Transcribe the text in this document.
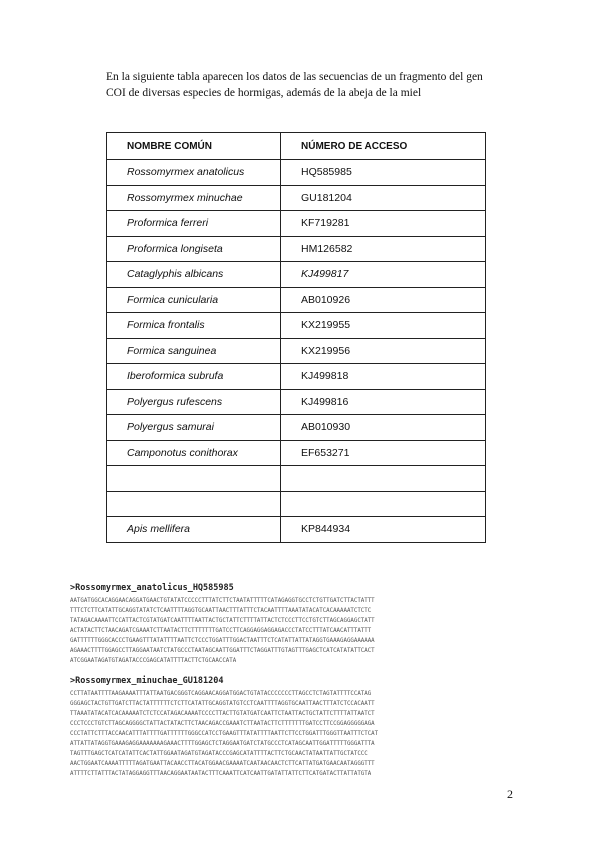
En la siguiente tabla aparecen los datos de las secuencias de un fragmento del gen

COI de diversas especies de hormigas, además de la abeja de la miel

NOMBRE COMÚN	NÚMERO DE ACCESO
Rossomyrmex anatolicus	HQ585985
Rossomyrmex minuchae	GU181204
Proformica ferreri	KF719281
Proformica longiseta	HM126582
Cataglyphis albicans	KJ499817
Formica cunicularia	AB010926
Formica frontalis	KX219955
Formica sanguinea	KX219956
Iberoformica subrufa	KJ499818
Polyergus rufescens	KJ499816
Polyergus samurai	AB010930
Camponotus conithorax	EF653271

Apis mellifera	KP844934
>Rossomyrmex_anatolicus_HQ585985
AATGATGGCACAGGAACAGGATGAACTGTATATCCCCCTTTATCTTCTAATATTTTTCATAGAGGTGCCTCTGTTGATCTTACTATTT
TTTCTCTTCATATTGCAGGTATATCTCAATTTTAGGTGCAATTAACTTTATTTCTACAATTTTAAATATACATCACAAAAATCTCTC
TATAGACAAAATTCCATTACTCGTATGATCAATTTTAATTACTGCTATTCTTTTATTACTCTCCCTTCCTGTCTTAGCAGGAGCTATT
ACTATACTTCTAACAGATCGAAATCTTAATACTTCTTTTTTTGATCCTTCAGGAGGAGGAGACCCTATCCTTTATCAACATTTATTT
GATTTTTTGGGCACCCTGAAGTTTATATTTTAATTCTCCCTGGATTTGGACTAATTTCTCATATTATTATAGGTGAAAGAGGAAAAAA
AGAAACTTTTGGAGCCTTAGGAATAATCTATGCCCTAATAGCAATTGGATTTCTAGGATTTGTAGTTTGAGCTCATCATATATTCACT
ATCGGAATAGATGTAGATACCCGAGCATATTTTACTTCTGCAACCATA
>Rossomyrmex_minuchae_GU181204
CCTTATAATTTTAAGAAAATTTATTAATGACGGGTCAGGAACAGGATGGACTGTATACCCCCCCTTAGCCTCTAGTATTTTCCATAG
GGGAGCTACTGTTGATCTTACTATTTTTTCTCTTCATATTGCAGGTATGTCCTCAATTTTAGGTGCAATTAACTTTATCTCCACAATT
TTAAATATACATCACAAAAATCTCTCCATAGACAAAATCCCCTTACTTGTATGATCAATTCTAATTACTGCTATTCTTTTATTAATCT
CCCTCCCTGTCTTAGCAGGGGCTATTACTATACTTCTAACAGACCGAAATCTTAATACTTCTTTTTTTGATCCTTCCGGAGGGGGAGA
CCCTATTCTTTACCAACATTTATTTTGATTTTTTGGGCCATCCTGAAGTTTATATTTTAATTCTTCCTGGATTTGGGTTAATTTCTCAT
ATTATTATAGGTGAAAGAGGAAAAAAAGAAACTTTTGGAGCTCTAGGAATGATCTATGCCCTCATAGCAATTGGATTTTTGGGATTTA
TAGTTTGAGCTCATCATATTCACTATTGGAATAGATGTAGATACCCGAGCATATTTTACTTCTGCAACTATAATTATTGCTATCCC
AACTGGAATCAAAATTTTTAGATGAATTACAACCTTACATGGAACGAAAATCAATAACAACTCTTCATTATGATGAACAATAGGGTTT
ATTTTCTTATTTACTATAGGAGGTTTAACAGGAATAATACTTTCAAATTCATCAATTGATATTATTCTTCATGATACTTATTATGTA
2
